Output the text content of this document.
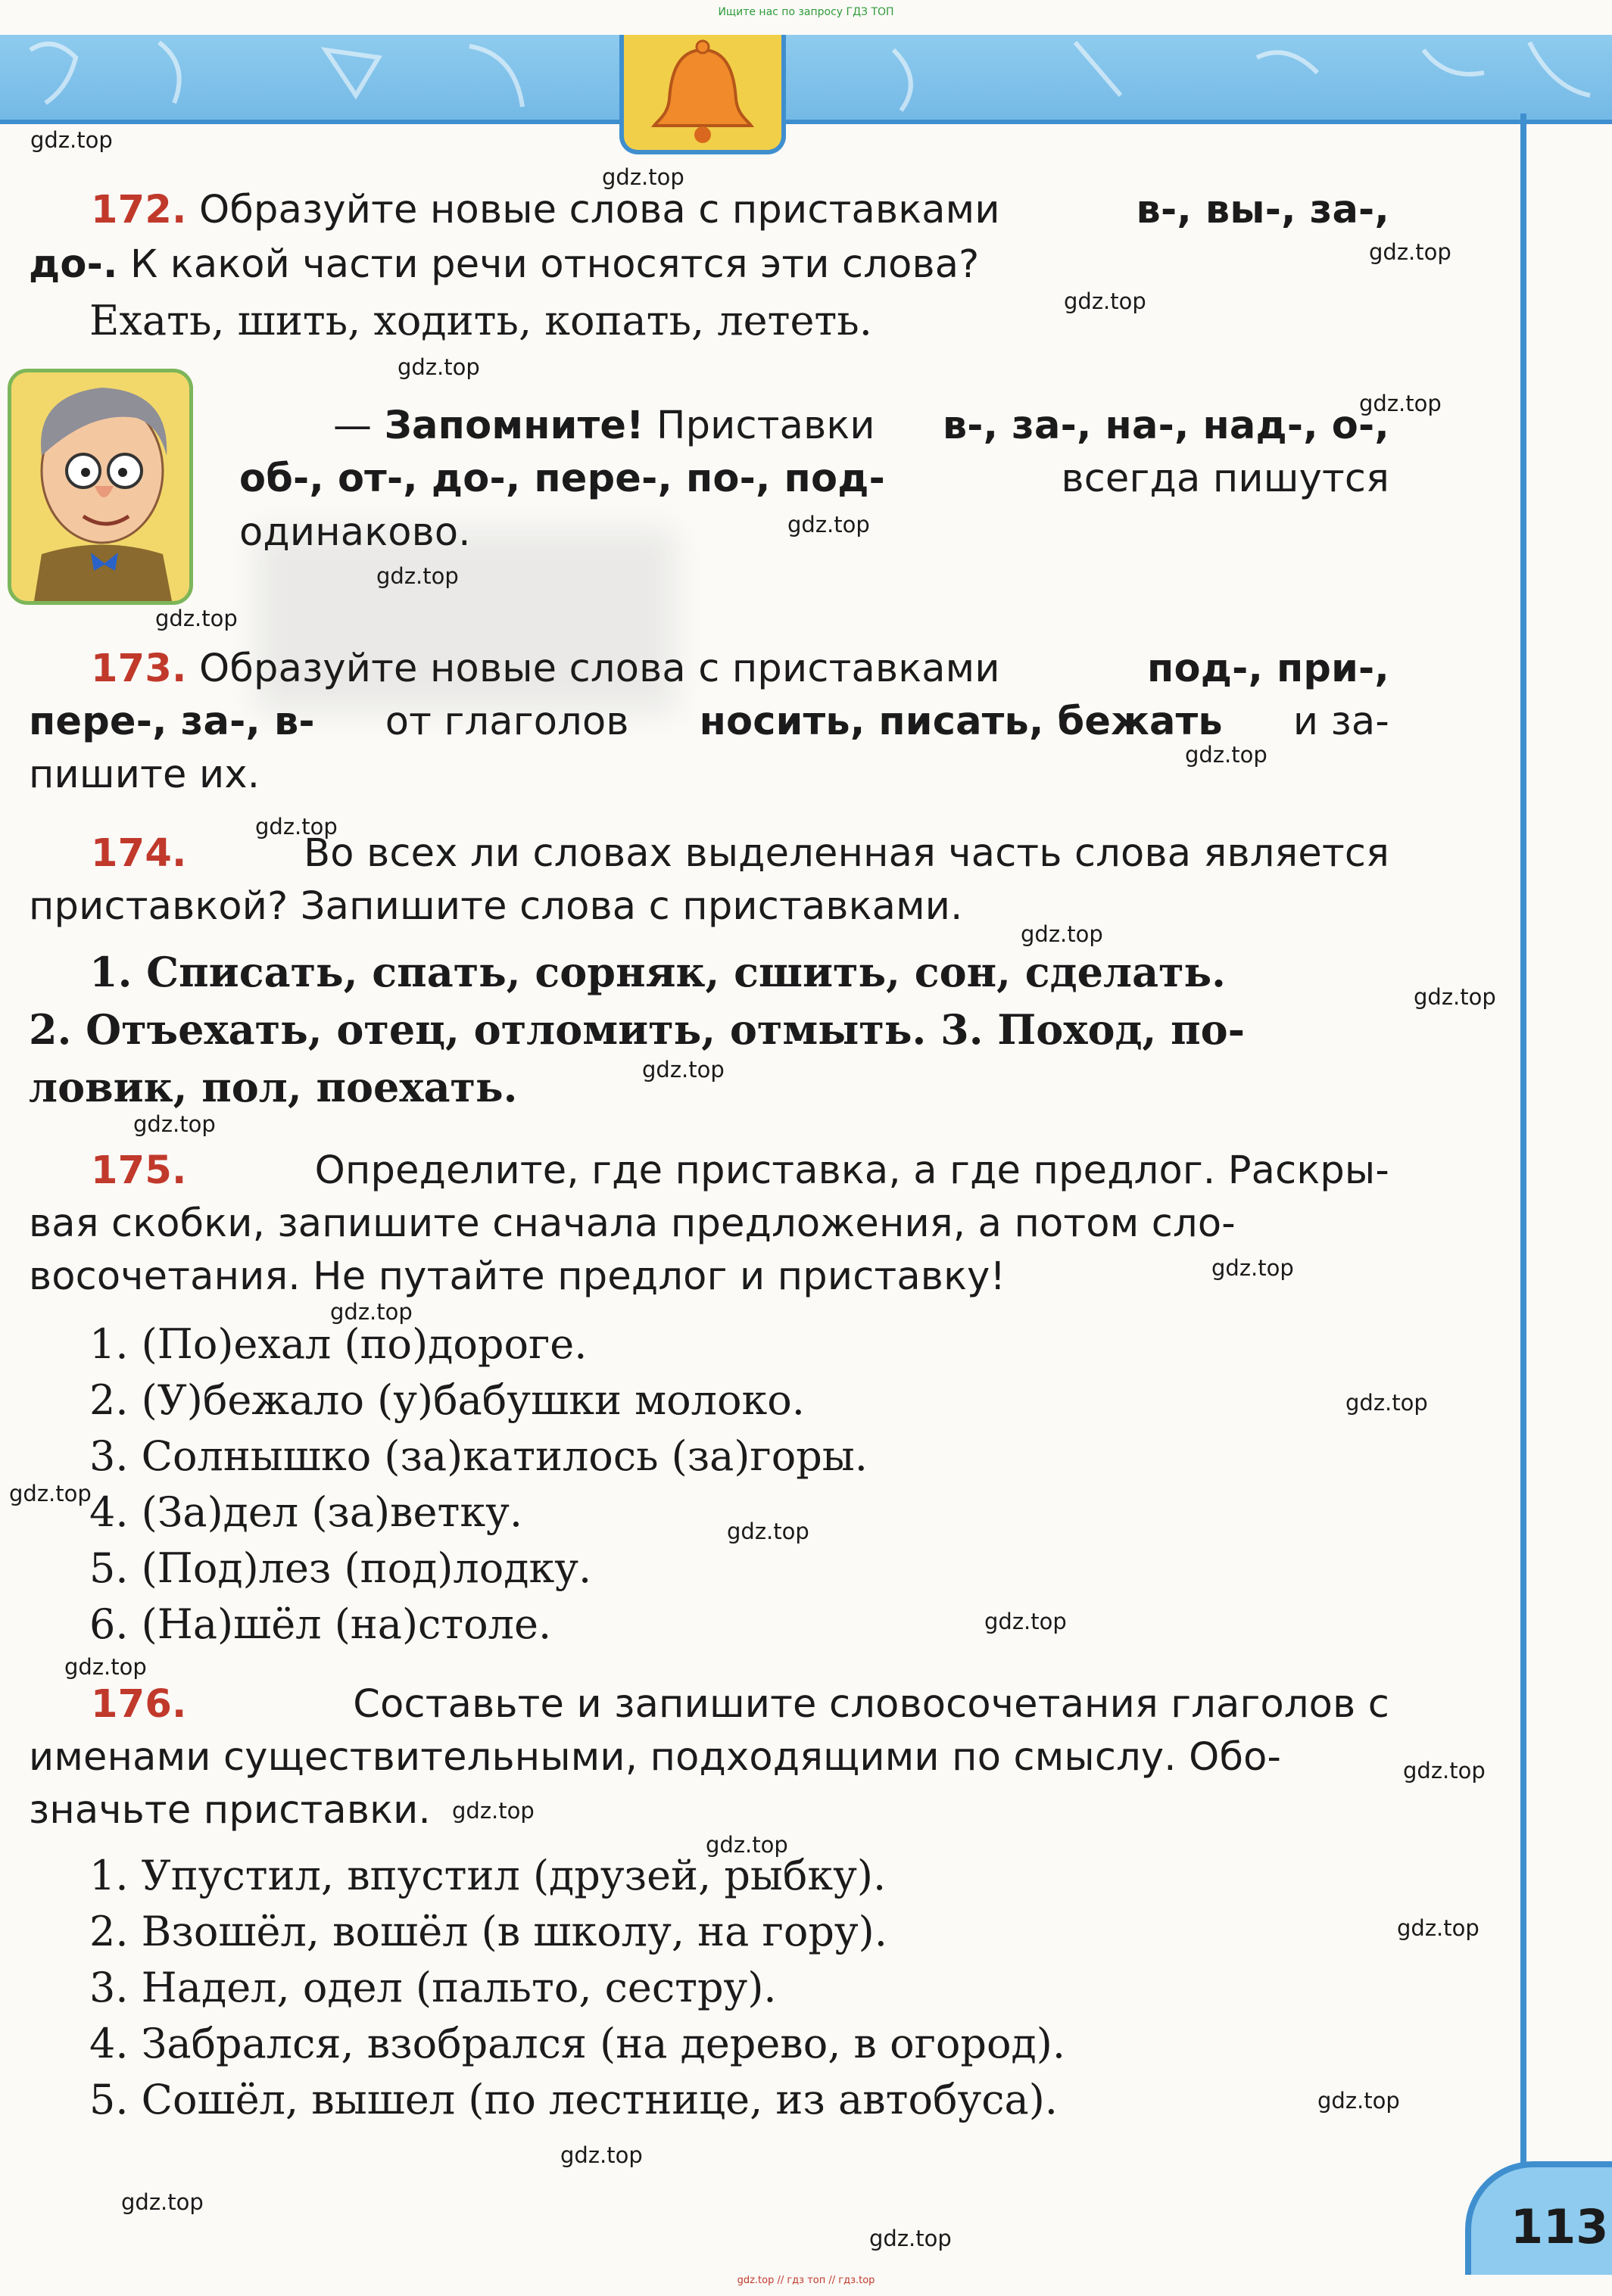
Ищите нас по запросу ГДЗ ТОП
172. Образуйте новые слова с приставками	в-, вы-, за-,
до-. К какой части речи относятся эти слова?
Ехать, шить, ходить, копать, лететь.
— Запомните! Приставки в-, за-, на-, над-, о-,
об-, от-, до-, пере-, по-, под-	всегда пишутся
одинаково.
173. Образуйте новые слова с приставками	под-, при-,
пере-, за-, в- от глаголов носить, писать, бежать и за-
пишите их.
174.	Во всех ли словах выделенная часть слова является
приставкой? Запишите слова с приставками.
1. Списать, спать, сорняк, сшить, сон, сделать.
2. Отъехать, отец, отломить, отмыть. 3. Поход, по-
ловик, пол, поехать.
175.	Определите, где приставка, а где предлог. Раскры-
вая скобки, запишите сначала предложения, а потом сло-
восочетания. Не путайте предлог и приставку!
1. (По)ехал (по)дороге.
2. (У)бежало (у)бабушки молоко.
3. Солнышко (за)катилось (за)горы.
4. (За)дел (за)ветку.
5. (Под)лез (под)лодку.
6. (На)шёл (на)столе.
176.	Составьте и запишите словосочетания глаголов с
именами существительными, подходящими по смыслу. Обо-
значьте приставки.
1. Упустил, впустил (друзей, рыбку).
2. Взошёл, вошёл (в школу, на гору).
3. Надел, одел (пальто, сестру).
4. Забрался, взобрался (на дерево, в огород).
5. Сошёл, вышел (по лестнице, из автобуса).
gdz.top
gdz.top
gdz.top
gdz.top
gdz.top
gdz.top
gdz.top
gdz.top
gdz.top
gdz.top
gdz.top
gdz.top
gdz.top
gdz.top
gdz.top
gdz.top
gdz.top
gdz.top
gdz.top
gdz.top
gdz.top
gdz.top
gdz.top
gdz.top
gdz.top
gdz.top
gdz.top
gdz.top
gdz.top
gdz.top	113
gdz.top // гдз топ // гдз.top
